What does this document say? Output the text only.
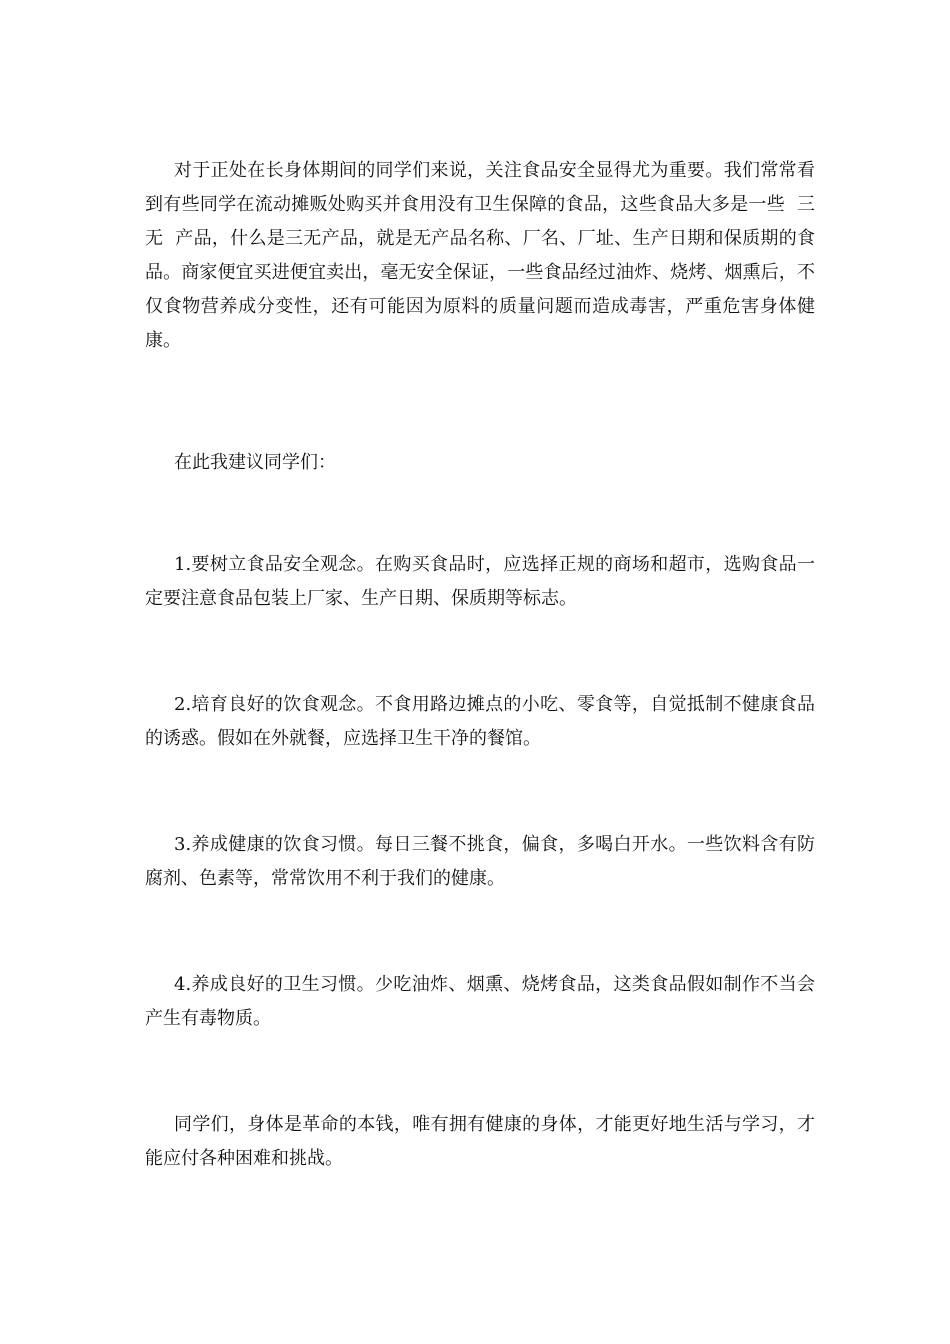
对于正处在长身体期间的同学们来说，关注食品安全显得尤为重要。我们常常看到有些同学在流动摊贩处购买并食用没有卫生保障的食品，这些食品大多是一些  三无  产品，什么是三无产品，就是无产品名称、厂名、厂址、生产日期和保质期的食品。商家便宜买进便宜卖出，毫无安全保证，一些食品经过油炸、烧烤、烟熏后，不仅食物营养成分变性，还有可能因为原料的质量问题而造成毒害，严重危害身体健康。

在此我建议同学们：

1.要树立食品安全观念。在购买食品时，应选择正规的商场和超市，选购食品一定要注意食品包装上厂家、生产日期、保质期等标志。

2.培育良好的饮食观念。不食用路边摊点的小吃、零食等，自觉抵制不健康食品的诱惑。假如在外就餐，应选择卫生干净的餐馆。

3.养成健康的饮食习惯。每日三餐不挑食，偏食，多喝白开水。一些饮料含有防腐剂、色素等，常常饮用不利于我们的健康。

4.养成良好的卫生习惯。少吃油炸、烟熏、烧烤食品，这类食品假如制作不当会产生有毒物质。

同学们，身体是革命的本钱，唯有拥有健康的身体，才能更好地生活与学习，才能应付各种困难和挑战。
